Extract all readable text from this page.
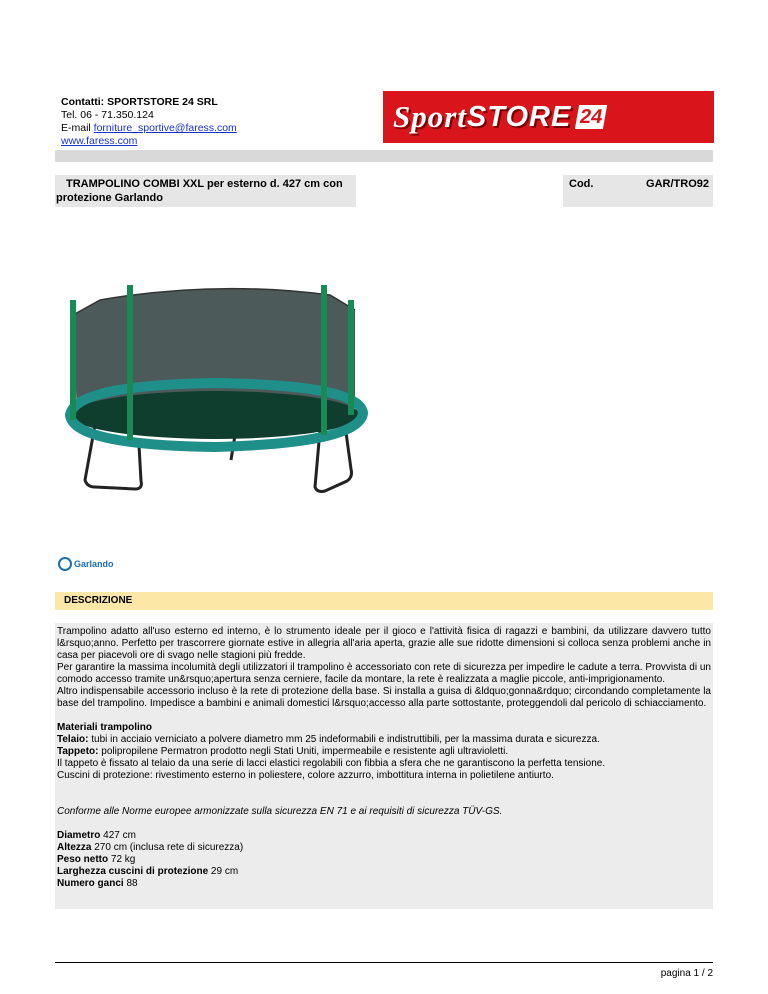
Contatti: SPORTSTORE 24 SRL
Tel. 06 - 71.350.124
E-mail forniture_sportive@faress.com
www.faress.com
Sport STORE 24
TRAMPOLINO COMBI XXL per esterno d. 427 cm con
protezione Garlando
Cod.	GAR/TRO92
Garlando
DESCRIZIONE

Trampolino adatto all'uso esterno ed interno, è lo strumento ideale per il gioco e l'attività fisica di ragazzi e bambini, da utilizzare davvero tutto l&rsquo;anno. Perfetto per trascorrere giornate estive in allegria all'aria aperta, grazie alle sue ridotte dimensioni si colloca senza problemi anche in casa per piacevoli ore di svago nelle stagioni più fredde.

Per garantire la massima incolumità degli utilizzatori il trampolino è accessoriato con rete di sicurezza per impedire le cadute a terra. Provvista di un comodo accesso tramite un&rsquo;apertura senza cerniere, facile da montare, la rete è realizzata a maglie piccole, anti-imprigionamento.

Altro indispensabile accessorio incluso è la rete di protezione della base. Si installa a guisa di &ldquo;gonna&rdquo; circondando completamente la base del trampolino. Impedisce a bambini e animali domestici l&rsquo;accesso alla parte sottostante, proteggendoli dal pericolo di schiacciamento.

Materiali trampolino

Telaio: tubi in acciaio verniciato a polvere diametro mm 25 indeformabili e indistruttibili, per la massima durata e sicurezza.

Tappeto: polipropilene Permatron prodotto negli Stati Uniti, impermeabile e resistente agli ultravioletti.

Il tappeto è fissato al telaio da una serie di lacci elastici regolabili con fibbia a sfera che ne garantiscono la perfetta tensione.

Cuscini di protezione: rivestimento esterno in poliestere, colore azzurro, imbottitura interna in polietilene antiurto.

Conforme alle Norme europee armonizzate sulla sicurezza EN 71 e ai requisiti di sicurezza TÜV-GS.

Diametro 427 cm

Altezza 270 cm (inclusa rete di sicurezza)

Peso netto 72 kg

Larghezza cuscini di protezione 29 cm

Numero ganci 88

pagina 1 / 2
